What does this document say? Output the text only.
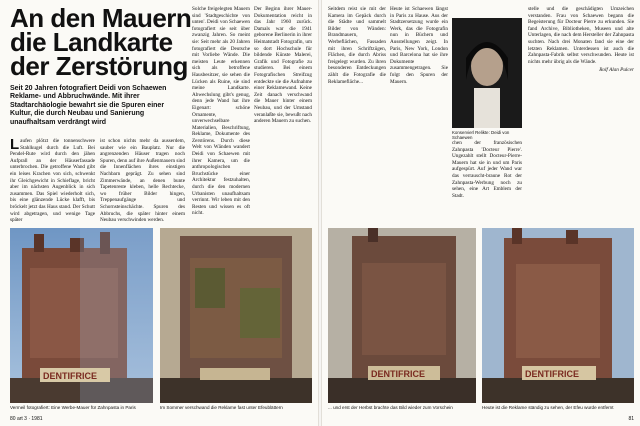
An den Mauern
die Landkarte
der Zerstörung
Seit 20 Jahren fotografiert Deidi von Schaewen Reklame- und Abbruchwände. Mit ihrer Stadtarchäologie bewahrt sie die Spuren einer Kultur, die durch Neubau und Sanierung unaufhaltsam verdrängt wird
Laufen plötzt die tonnenschwere Stahlkugel durch die Luft. Bei Pendel-Rute wird durch den jähen Aufprall an der Häuserfassade unterbrochen. Die getroffene Wand gibt ein leises Krachen von sich, schwenkt ihr Gleichgewicht in Schieflage, bricht aber im nächsten Augenblick in sich zusammen. Das Spiel wiederholt sich, bis eine glänzende Lücke klafft, bis bröckelt jetzt das Haus stand. Der Schutt wird abgetragen, und wenige Tage später
ist schon nichts mehr da ausserdem, sauber wie ein Bauplatz. Nur die angrenzenden Häuser tragen noch Spuren, denn auf ihre Außenmauern sind die Innenflächen ihres einstigen Nachbarn geprägt. Zu sehen sind Zimmerwände, an denen bunte Tapetenreste kleben, helle Rechtecke, wo früher Bilder hingen, Treppenaufgänge und Schornsteinschächte. Spuren des Abbruchs, die später hinter einem Neubau verschwinden werden.
Solche freigelegten Mauern sind 'Stadtgeschichte von unten'. Deidi von Schaewen fotografiert sie seit über zwanzig Jahren. So meint sie: Seit mehr als 20 Jahren fotografiert die Deutsche mit Vorliebe Wände. Die meisten Leute erkennen sich als betroffene Hausbesitzer, sie sehen die Lücken als Ruine, sie sind meine Landkarte. Abwechslung gibt's genug, denn jede Wand hat ihre Eigenart: schöne Ornamente, unverwechselbare Materialien, Beschriftung, Reklame, Dokumente des Zerstörens. Durch diese Welt von Wänden wandert Deidi von Schaewen mit ihrer Kamera, um die anthropologischen Bruchstücke einer Architektur festzuhalten, durch die den modernen Urbanisten unaufhaltsam verrinnt. Wir leben mit den Resten und wissen es oft nicht.
Der Beginn ihrer Mauer-Dokumentation reicht in das Jahr 1960 zurück. Damals war die 1941 geborene Berlinerin in ihrer Heimatstadt Fotografin, um so dort Hochschule für bildende Künste Malerei, Grafik und Fotografie zu studieren. Bei einem Fotografischen Streifzug entdeckte sie die Aufnahme einer Reklamewand. Keine Zeit danach verschwand die Mauer hinter einem Neubau, und der Umstand veranlaßte sie, bewußt nach anderen Mauern zu suchen.
DENTIFRICE
Vermeil fotografiert: Eine Werbe-Mauer für Zahnpasta in Paris	Im Sommer verschwand die Reklame fast unter Efeublättern
80 art 3 · 1981
Seitdem reist sie mit der Kamera im Gepäck durch die Städte und sammelt Bilder von Wänden: Brandmauern, Werbeflächen, Fassaden mit ihren Schriftzügen, Flächen, die durch Abriss freigelegt wurden. Zu ihren besonderen Entdeckungen zählt die Fotografie die Reklamefläche...
Heute ist Schaewen längst in Paris zu Hause. Aus der Stadtzersetzung wurde ein Werk, das die Fotografin nun in Büchern und Ausstellungen zeigt. In Paris, New York, London und Barcelona hat sie ihre Dokumente zusammengetragen. Sie folgt den Spuren der Mauern.
Konservierl Relikte: Deidi von Schaewen
chen der französischen Zahnpasta 'Docteur Pierre'. Ungezahlt stellt Docteur-Pierre-Mauern hat sie in und um Paris aufgespürt. Auf jeder Wand war das verrauscht-braune Rot der Zahnpasta-Werbung noch zu sehen, eine Art Emblem der Stadt.
stelle und die geschädigten Umzeichen verstanden. Frau von Schaewen begann die Begeisterung für Docteur Pierre zu erkunden. Sie fand Archive, Bibliotheken, Museen und alte Unterlagen, die nach dem Hersteller der Zahnpasta suchten. Nach drei Monaten fand sie eine der letzten Reklamen. Unterdessen ist auch die Zahnpasta-Fabrik selbst verschwunden. Heute ist nichts mehr übrig als die Wände.
Rolf Alan Pulcer
DENTIFRICE	DENTIFRICE
... und erst der Herbst brachte das Bild wieder zum Vorschein	Heute ist die Reklame ständig zu sehen, der Efeu wurde entfernt
81
